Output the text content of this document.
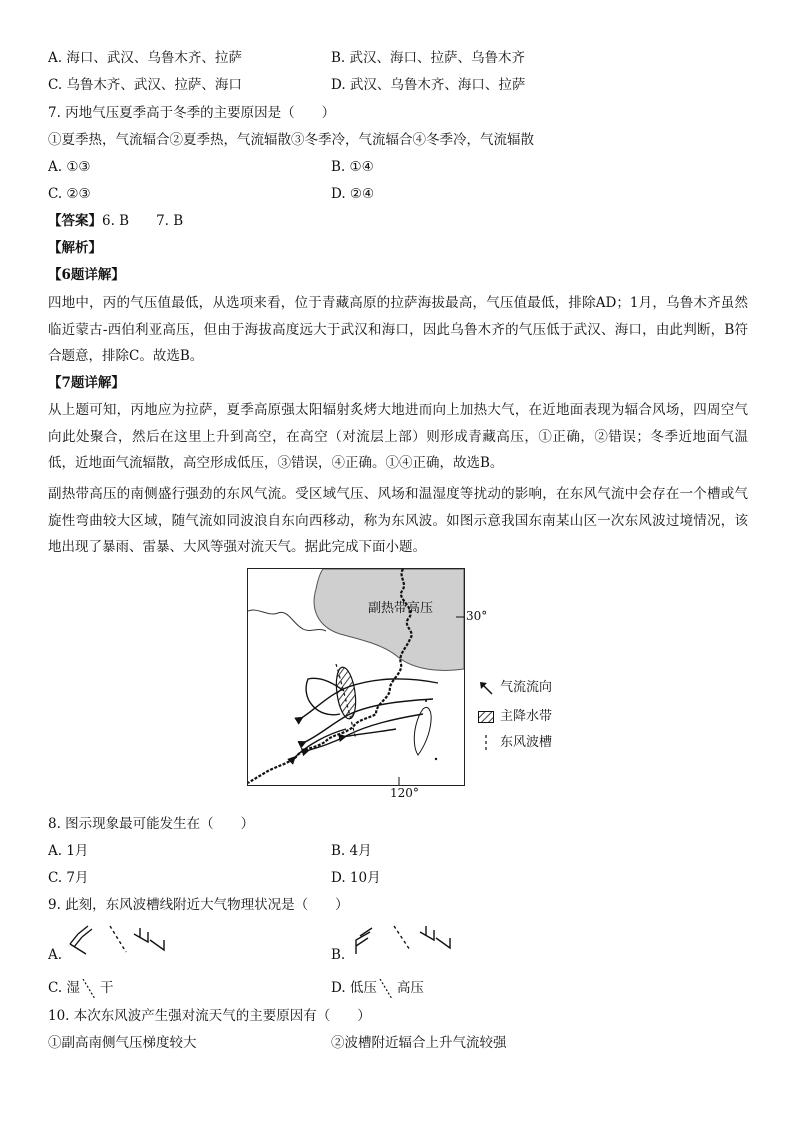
A. 海口、武汉、乌鲁木齐、拉萨	B. 武汉、海口、拉萨、乌鲁木齐
C. 乌鲁木齐、武汉、拉萨、海口	D. 武汉、乌鲁木齐、海口、拉萨
7. 丙地气压夏季高于冬季的主要原因是（　　）
①夏季热，气流辐合②夏季热，气流辐散③冬季冷，气流辐合④冬季冷，气流辐散
A. ①③	B. ①④
C. ②③	D. ②④
【答案】6. B　　7. B
【解析】
【6题详解】
四地中，丙的气压值最低，从选项来看，位于青藏高原的拉萨海拔最高，气压值最低，排除AD；1月，乌鲁木齐虽然临近蒙古-西伯利亚高压，但由于海拔高度远大于武汉和海口，因此乌鲁木齐的气压低于武汉、海口，由此判断，B符合题意，排除C。故选B。
【7题详解】
从上题可知，丙地应为拉萨，夏季高原强太阳辐射炙烤大地进而向上加热大气，在近地面表现为辐合风场，四周空气向此处聚合，然后在这里上升到高空，在高空（对流层上部）则形成青藏高压，①正确，②错误；冬季近地面气温低，近地面气流辐散，高空形成低压，③错误，④正确。①④正确，故选B。
副热带高压的南侧盛行强劲的东风气流。受区域气压、风场和温湿度等扰动的影响，在东风气流中会存在一个槽或气旋性弯曲较大区域，随气流如同波浪自东向西移动，称为东风波。如图示意我国东南某山区一次东风波过境情况，该地出现了暴雨、雷暴、大风等强对流天气。据此完成下面小题。
副热带高压	30°
120°
气流流向
主降水带
东风波槽
8. 图示现象最可能发生在（　　）
A. 1月	B. 4月
C. 7月	D. 10月
9. 此刻，东风波槽线附近大气物理状况是（　　）
A.	B.
C. 湿 干	D. 低压 高压
10. 本次东风波产生强对流天气的主要原因有（　　）
①副高南侧气压梯度较大	②波槽附近辐合上升气流较强
